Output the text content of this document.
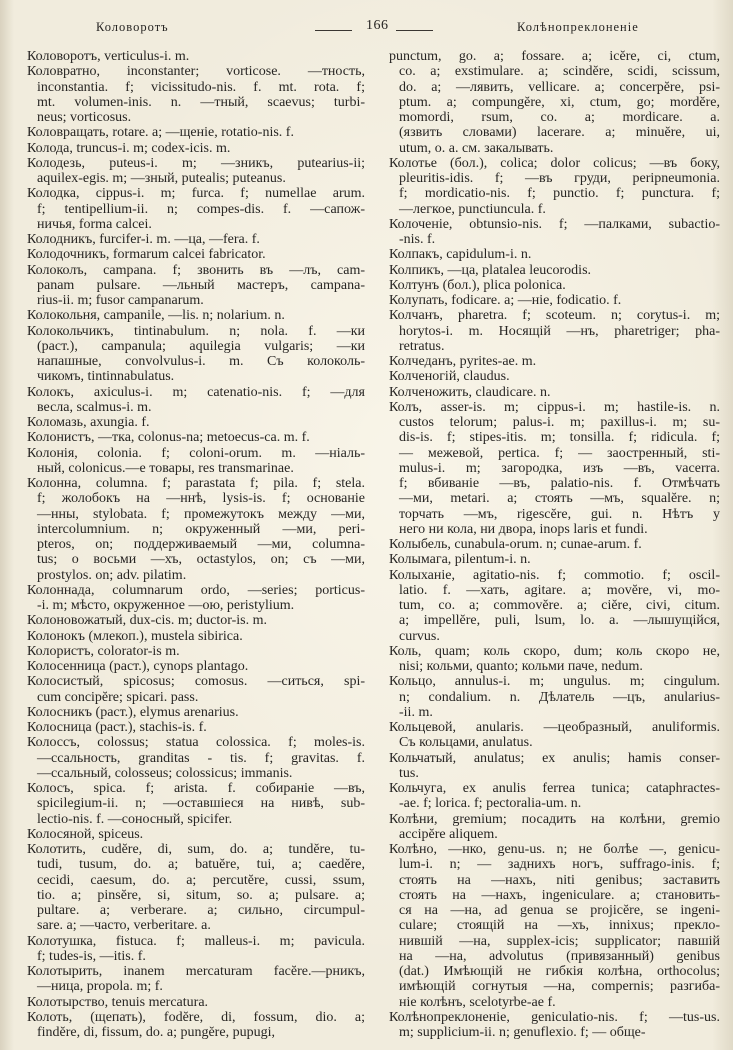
Коловоротъ	166	Колѣнопреклоненіе
Коловоротъ, verticulus-i. m.
Коловратно, inconstanter; vorticose. —тность,
inconstantia. f; vicissitudo-nis. f. mt. rota. f;
mt. volumen-inis. n. —тный, scaevus; turbi-
neus; vorticosus.
Коловращать, rotare. a; —щеніе, rotatio-nis. f.
Колода, truncus-i. m; codex-icis. m.
Колодезь, puteus-i. m; —зникъ, putearius-ii;
aquilex-egis. m; —зный, putealis; puteanus.
Колодка, cippus-i. m; furca. f; numellae arum.
f; tentipellium-ii. n; compes-dis. f. —сапож-
ничья, forma calcei.
Колодникъ, furcifer-i. m. —ца, —fera. f.
Колодочникъ, formarum calcei fabricator.
Колоколъ, campana. f; звонить въ —лъ, cam-
panam pulsare. —льный мастеръ, campana-
rius-ii. m; fusor campanarum.
Колокольня, campanile, —lis. n; nolarium. n.
Колокольчикъ, tintinabulum. n; nola. f. —ки
(раст.), campanula; aquilegia vulgaris; —ки
напашные, convolvulus-i. m. Съ колоколь-
чикомъ, tintinnabulatus.
Колокъ, axiculus-i. m; catenatio-nis. f; —для
весла, scalmus-i. m.
Коломазь, axungia. f.
Колонистъ, —тка, colonus-na; metoecus-ca. m. f.
Колонія, colonia. f; coloni-orum. m. —ніаль-
ный, colonicus.—е товары, res transmarinae.
Колонна, columna. f; parastata f; pila. f; stela.
f; жолобокъ на —ннѣ, lysis-is. f; основаніе
—нны, stylobata. f; промежутокъ между —ми,
intercolumnium. n; окруженный —ми, peri-
pteros, on; поддерживаемый —ми, columna-
tus; о восьми —хъ, octastylos, on; съ —ми,
prostylos. on; adv. pilatim.
Колоннада, columnarum ordo, —series; porticus-
-i. m; мѣсто, окруженное —ою, peristylium.
Колоновожатый, dux-cis. m; ductor-is. m.
Колонокъ (млекоп.), mustela sibirica.
Колористъ, colorator-is m.
Колосенница (раст.), cynops plantago.
Колосистый, spicosus; comosus. —ситься, spi-
cum concipĕre; spicari. pass.
Колосникъ (раст.), elymus arenarius.
Колосница (раст.), stachis-is. f.
Колоссъ, colossus; statua colossica. f; moles-is.
—ссальность, granditas - tis. f; gravitas. f.
—ссальный, colosseus; colossicus; immanis.
Колосъ, spica. f; arista. f. собираніе —въ,
spicilegium-ii. n; —оставшіеся на нивѣ, sub-
lectio-nis. f. —соносный, spicifer.
Колосяной, spiceus.
Колотить, cudĕre, di, sum, do. a; tundĕre, tu-
tudi, tusum, do. a; batuĕre, tui, a; caedĕre,
cecidi, caesum, do. a; percutĕre, cussi, ssum,
tio. a; pinsĕre, si, situm, so. a; pulsare. a;
pultare. a; verberare. a; сильно, circumpul-
sare. a; —часто, verberitare. a.
Колотушка, fistuca. f; malleus-i. m; pavicula.
f; tudes-is, —itis. f.
Колотырить, inanem mercaturam facĕre.—рникъ,
—ница, propola. m; f.
Колотырство, tenuis mercatura.
Колоть, (щепать), fodĕre, di, fossum, dio. a;
findĕre, di, fissum, do. a; pungĕre, pupugi,
punctum, go. a; fossare. a; icĕre, ci, ctum,
co. a; exstimulare. a; scindĕre, scidi, scissum,
do. a; —лявить, vellicare. a; concerpĕre, psi-
ptum. a; compungĕre, xi, ctum, go; mordĕre,
momordi, rsum, co. a; mordicare. a.
(язвить словами) lacerare. a; minuĕre, ui,
utum, o. a. см. закалывать.
Колотье (бол.), colica; dolor colicus; —въ боку,
pleuritis-idis. f; —въ груди, peripneumonia.
f; mordicatio-nis. f; punctio. f; punctura. f;
—легкое, punctiuncula. f.
Колоченіе, obtunsio-nis. f; —палками, subactio-
-nis. f.
Колпакъ, capidulum-i. n.
Колпикъ, —ца, platalea leucorodis.
Колтунъ (бол.), plica polonica.
Колупать, fodicare. a; —ніе, fodicatio. f.
Колчанъ, pharetra. f; scoteum. n; corytus-i. m;
horytos-i. m. Носящій —нъ, pharetriger; pha-
retratus.
Колчеданъ, pyrites-ae. m.
Колченогій, claudus.
Колченожить, claudicare. n.
Колъ, asser-is. m; cippus-i. m; hastile-is. n.
custos telorum; palus-i. m; paxillus-i. m; su-
dis-is. f; stipes-itis. m; tonsilla. f; ridicula. f;
— межевой, pertica. f; — заостренный, sti-
mulus-i. m; загородка, изъ —въ, vacerra.
f; вбиваніе —въ, palatio-nis. f. Отмѣчать
—ми, metari. a; стоять —мъ, squalĕre. n;
торчать —мъ, rigescĕre, gui. n. Нѣтъ у
него ни кола, ни двора, inops laris et fundi.
Колыбель, cunabula-orum. n; cunae-arum. f.
Колымага, pilentum-i. n.
Колыханіе, agitatio-nis. f; commotio. f; oscil-
latio. f. —хать, agitare. a; movĕre, vi, mo-
tum, co. a; commovĕre. a; ciĕre, civi, citum.
a; impellĕre, puli, lsum, lo. a. —лышущійся,
curvus.
Коль, quam; коль скоро, dum; коль скоро не,
nisi; кольми, quanto; кольми паче, nedum.
Кольцо, annulus-i. m; ungulus. m; cingulum.
n; condalium. n. Дѣлатель —цъ, anularius-
-ii. m.
Кольцевой, anularis. —цеобразный, anuliformis.
Съ кольцами, anulatus.
Кольчатый, anulatus; ex anulis; hamis conser-
tus.
Кольчуга, ex anulis ferrea tunica; cataphractes-
-ae. f; lorica. f; pectoralia-um. n.
Колѣни, gremium; посадить на колѣни, gremio
accipĕre aliquem.
Колѣно, —нко, genu-us. n; не болѣе —, genicu-
lum-i. n; — заднихъ ногъ, suffrago-inis. f;
стоять на —нахъ, niti genibus; заставить
стоять на —нахъ, ingeniculare. a; становить-
ся на —на, ad genua se projicĕre, se ingeni-
culare; стоящій на —хъ, innixus; прекло-
нившій —на, supplex-icis; supplicator; павшій
на —на, advolutus (привязанный) genibus
(dat.) Имѣющій не гибкія колѣна, orthocolus;
имѣющій согнутыя —на, compernis; разгиба-
ніе колѣнъ, scelotyrbe-ae f.
Колѣнопреклоненіе, geniculatio-nis. f; —tus-us.
m; supplicium-ii. n; genuflexio. f; — обще-
